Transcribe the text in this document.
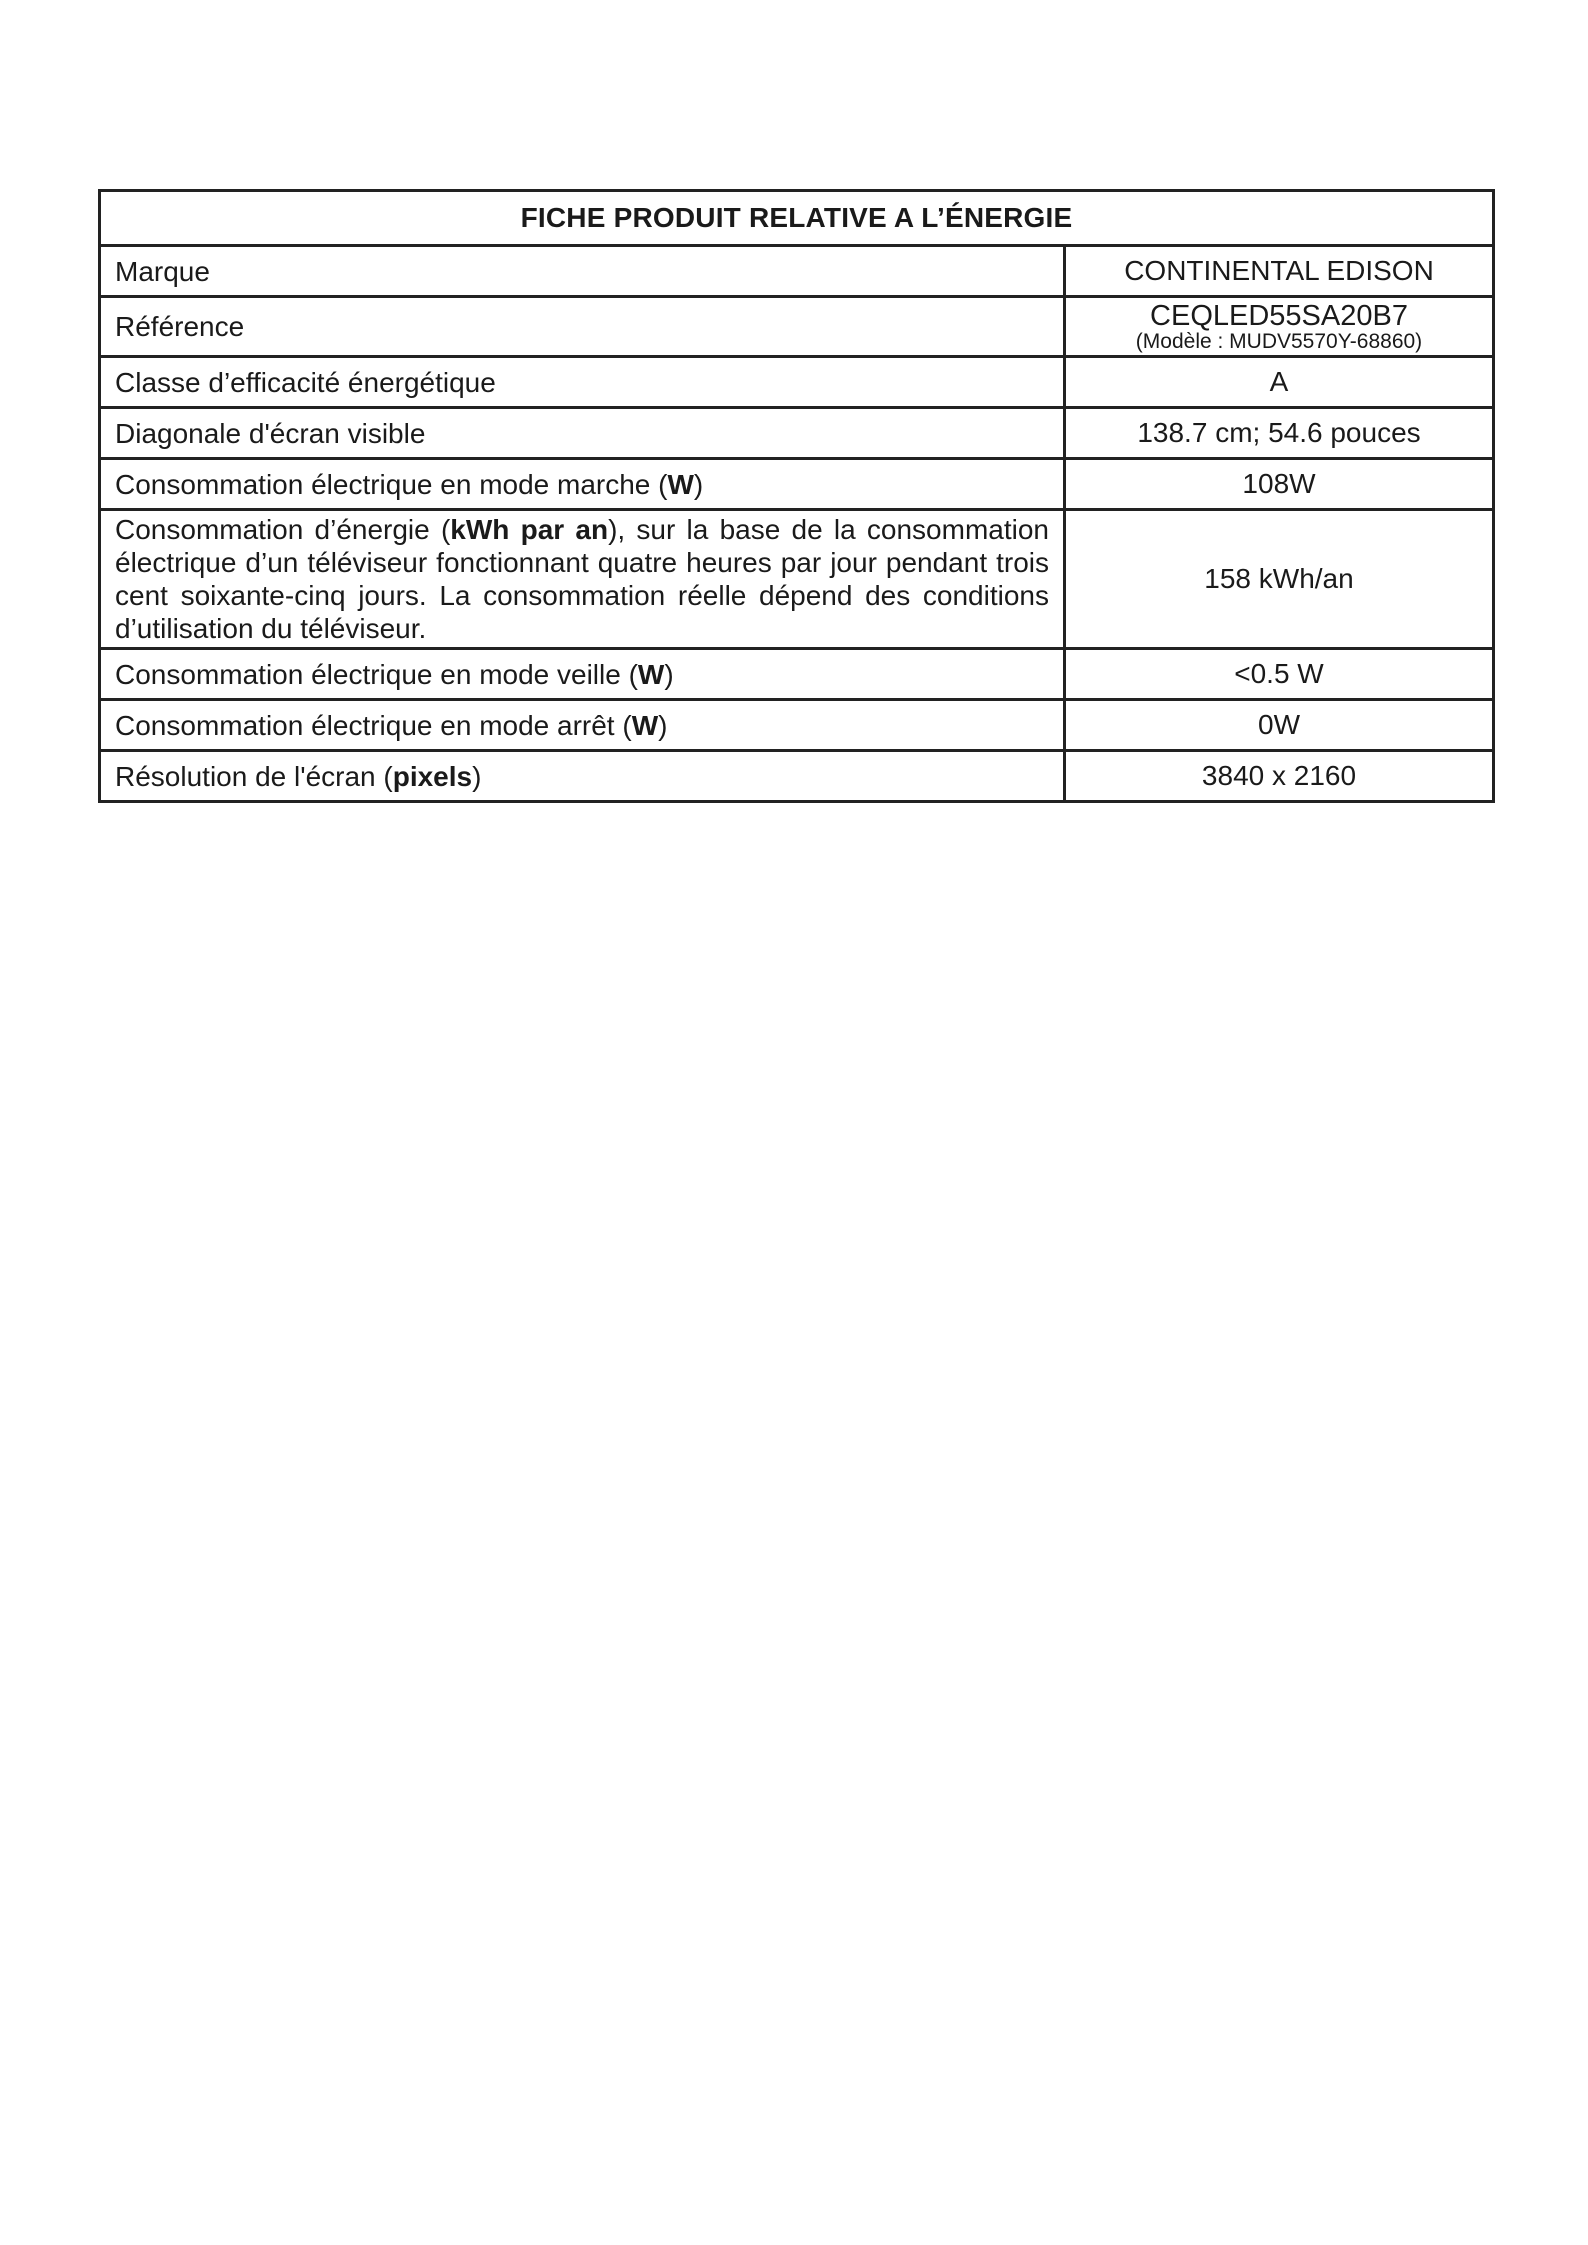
FICHE PRODUIT RELATIVE A L’ÉNERGIE	
Marque	CONTINENTAL EDISON
Référence	CEQLED55SA20B7
(Modèle : MUDV5570Y-68860)

Classe d’efficacité énergétique	A
Diagonale d'écran visible	138.7 cm; 54.6 pouces
Consommation électrique en mode marche (W)	108W
Consommation d’énergie (kWh par an), sur la base de la consommation électrique d’un téléviseur fonctionnant quatre heures par jour pendant trois cent soixante-cinq jours. La consommation réelle dépend des conditions d’utilisation du téléviseur.	158 kWh/an
Consommation électrique en mode veille (W)	<0.5 W
Consommation électrique en mode arrêt (W)	0W
Résolution de l'écran (pixels)	3840 x 2160
